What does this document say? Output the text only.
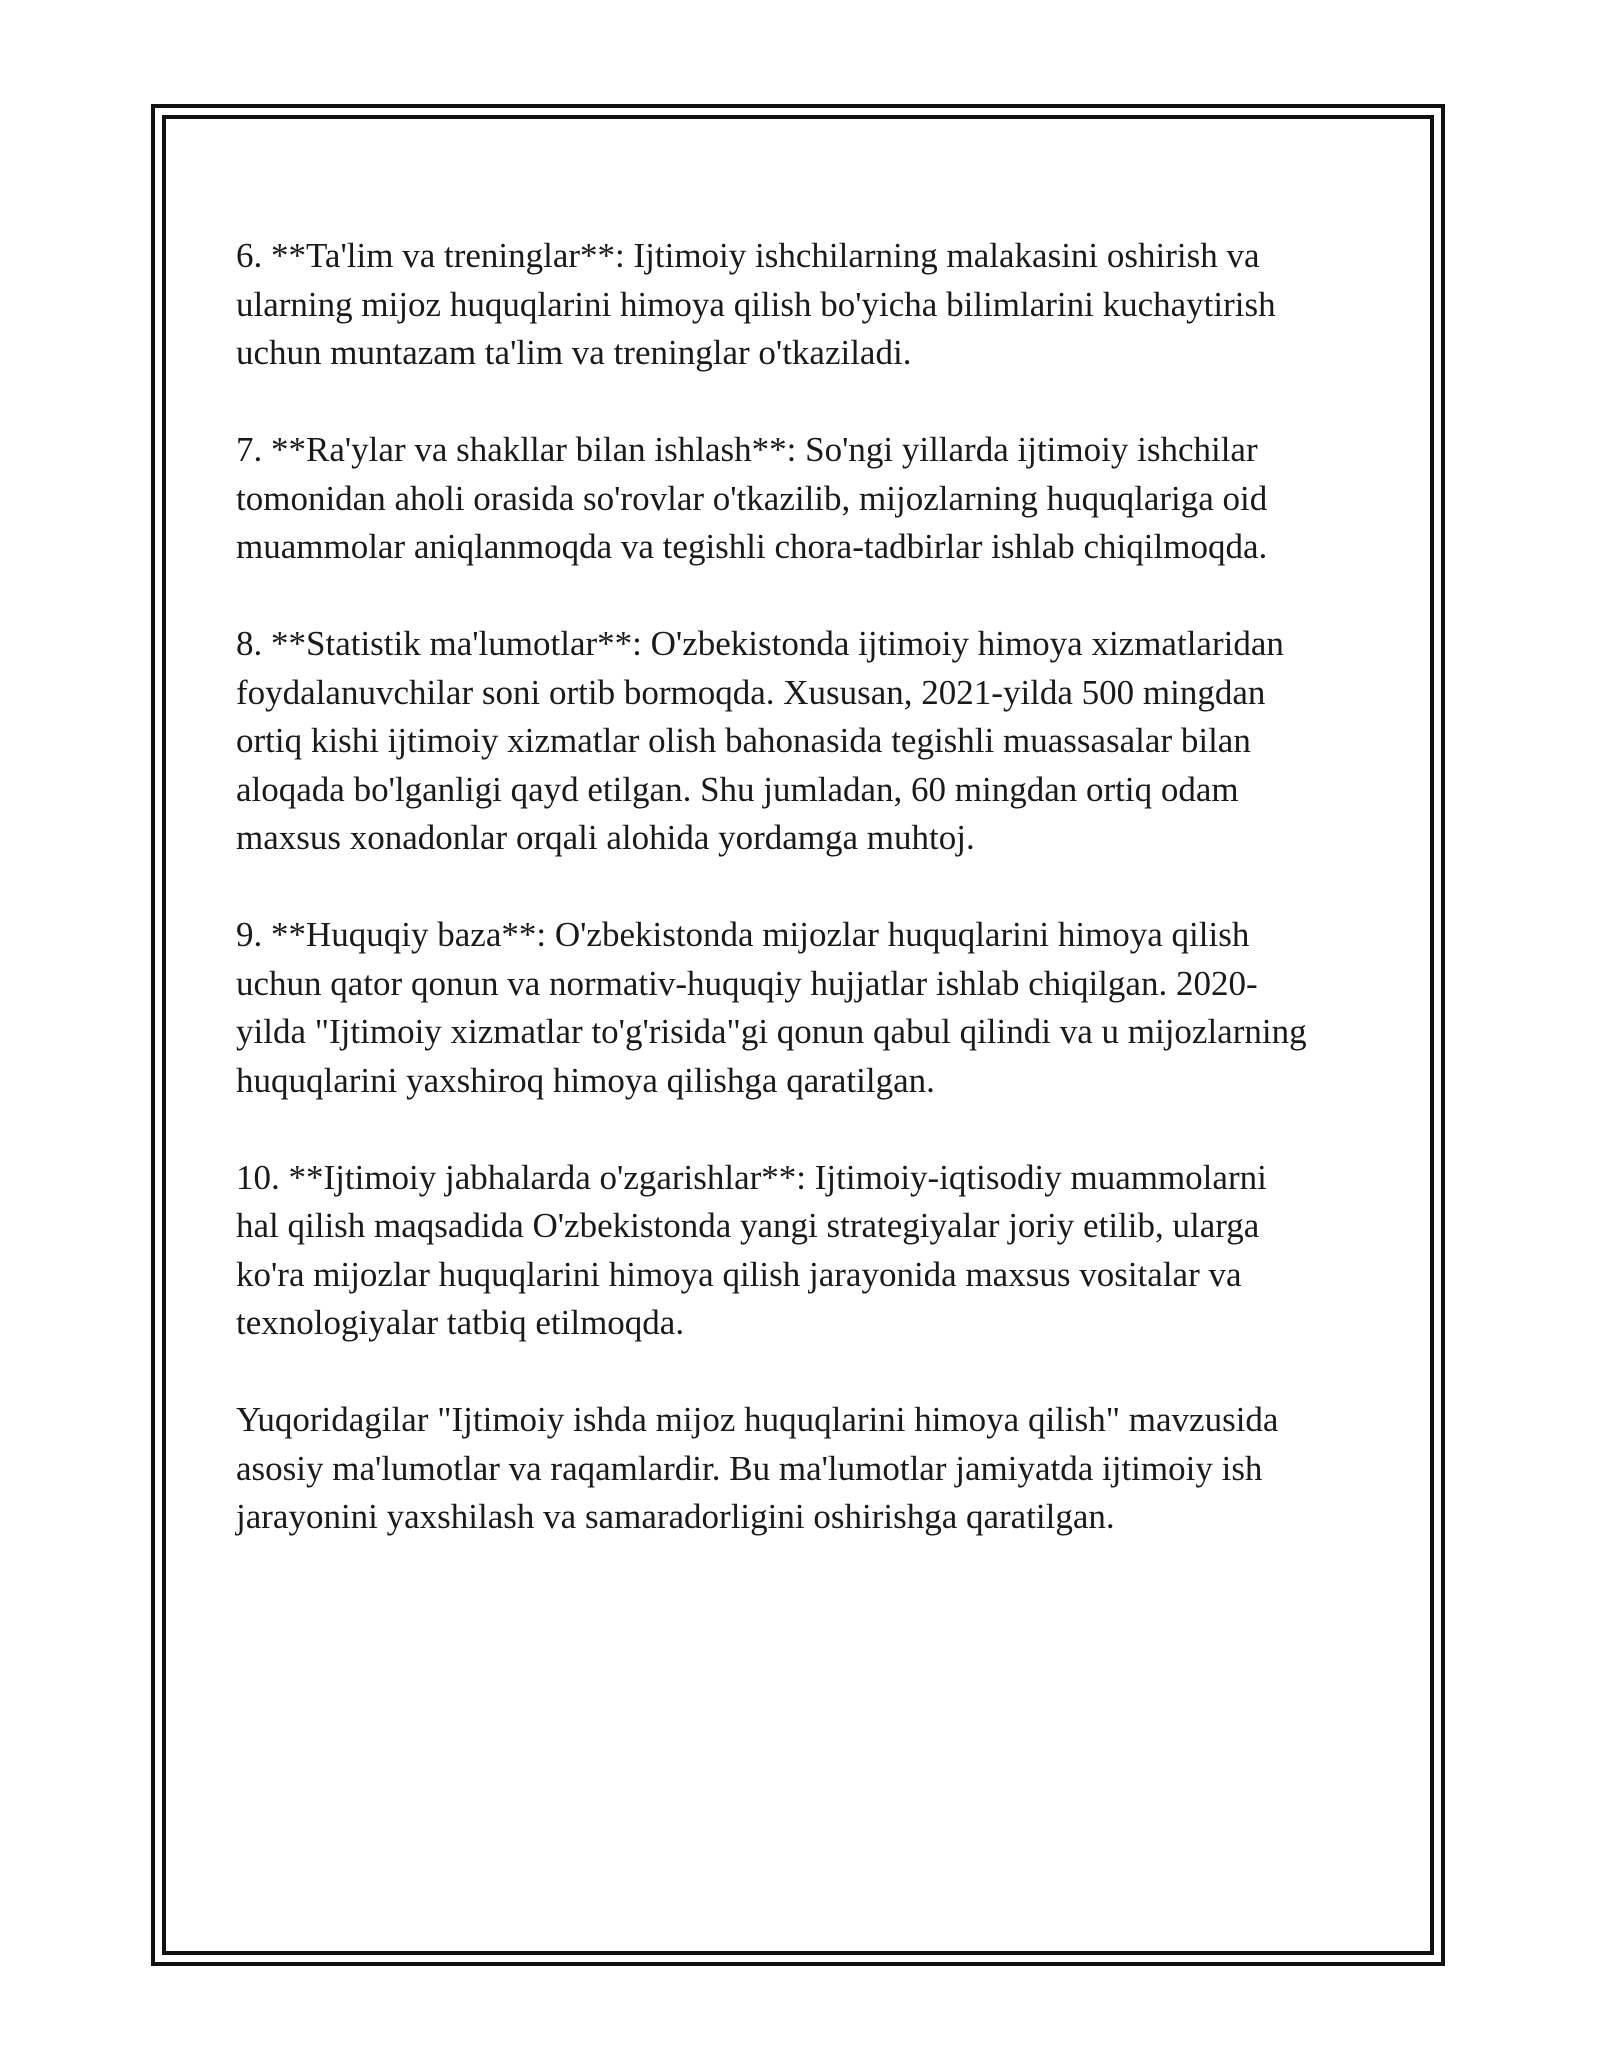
6. **Ta'lim va treninglar**: Ijtimoiy ishchilarning malakasini oshirish va
ularning mijoz huquqlarini himoya qilish bo'yicha bilimlarini kuchaytirish
uchun muntazam ta'lim va treninglar o'tkaziladi.

7. **Ra'ylar va shakllar bilan ishlash**: So'ngi yillarda ijtimoiy ishchilar
tomonidan aholi orasida so'rovlar o'tkazilib, mijozlarning huquqlariga oid
muammolar aniqlanmoqda va tegishli chora-tadbirlar ishlab chiqilmoqda.

8. **Statistik ma'lumotlar**: O'zbekistonda ijtimoiy himoya xizmatlaridan
foydalanuvchilar soni ortib bormoqda. Xususan, 2021-yilda 500 mingdan
ortiq kishi ijtimoiy xizmatlar olish bahonasida tegishli muassasalar bilan
aloqada bo'lganligi qayd etilgan. Shu jumladan, 60 mingdan ortiq odam
maxsus xonadonlar orqali alohida yordamga muhtoj.

9. **Huquqiy baza**: O'zbekistonda mijozlar huquqlarini himoya qilish
uchun qator qonun va normativ-huquqiy hujjatlar ishlab chiqilgan. 2020-
yilda "Ijtimoiy xizmatlar to'g'risida"gi qonun qabul qilindi va u mijozlarning
huquqlarini yaxshiroq himoya qilishga qaratilgan.

10. **Ijtimoiy jabhalarda o'zgarishlar**: Ijtimoiy-iqtisodiy muammolarni
hal qilish maqsadida O'zbekistonda yangi strategiyalar joriy etilib, ularga
ko'ra mijozlar huquqlarini himoya qilish jarayonida maxsus vositalar va
texnologiyalar tatbiq etilmoqda.

Yuqoridagilar "Ijtimoiy ishda mijoz huquqlarini himoya qilish" mavzusida
asosiy ma'lumotlar va raqamlardir. Bu ma'lumotlar jamiyatda ijtimoiy ish
jarayonini yaxshilash va samaradorligini oshirishga qaratilgan.
